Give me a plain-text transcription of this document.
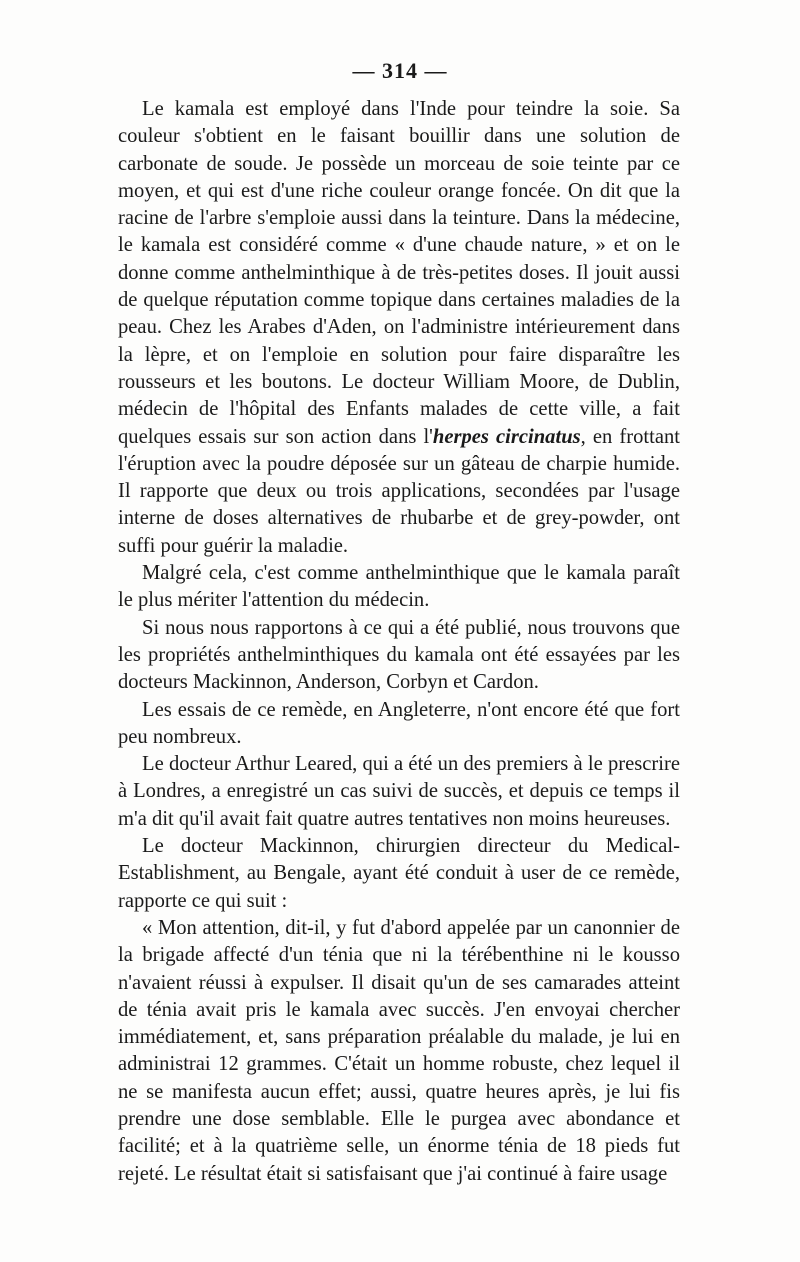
— 314 —

Le kamala est employé dans l'Inde pour teindre la soie. Sa couleur s'obtient en le faisant bouillir dans une solution de carbonate de soude. Je possède un morceau de soie teinte par ce moyen, et qui est d'une riche couleur orange foncée. On dit que la racine de l'arbre s'emploie aussi dans la teinture. Dans la médecine, le kamala est considéré comme « d'une chaude nature, » et on le donne comme anthelminthique à de très-petites doses. Il jouit aussi de quelque réputation comme topique dans certaines maladies de la peau. Chez les Arabes d'Aden, on l'administre intérieurement dans la lèpre, et on l'emploie en solution pour faire disparaître les rousseurs et les boutons. Le docteur William Moore, de Dublin, médecin de l'hôpital des Enfants malades de cette ville, a fait quelques essais sur son action dans l'herpes circinatus, en frottant l'éruption avec la poudre déposée sur un gâteau de charpie humide. Il rapporte que deux ou trois applications, secondées par l'usage interne de doses alternatives de rhubarbe et de grey-powder, ont suffi pour guérir la maladie.

Malgré cela, c'est comme anthelminthique que le kamala paraît le plus mériter l'attention du médecin.

Si nous nous rapportons à ce qui a été publié, nous trouvons que les propriétés anthelminthiques du kamala ont été essayées par les docteurs Mackinnon, Anderson, Corbyn et Cardon.

Les essais de ce remède, en Angleterre, n'ont encore été que fort peu nombreux.

Le docteur Arthur Leared, qui a été un des premiers à le prescrire à Londres, a enregistré un cas suivi de succès, et depuis ce temps il m'a dit qu'il avait fait quatre autres tentatives non moins heureuses.

Le docteur Mackinnon, chirurgien directeur du Medical-Establishment, au Bengale, ayant été conduit à user de ce remède, rapporte ce qui suit :

« Mon attention, dit-il, y fut d'abord appelée par un canonnier de la brigade affecté d'un ténia que ni la térébenthine ni le kousso n'avaient réussi à expulser. Il disait qu'un de ses camarades atteint de ténia avait pris le kamala avec succès. J'en envoyai chercher immédiatement, et, sans préparation préalable du malade, je lui en administrai 12 grammes. C'était un homme robuste, chez lequel il ne se manifesta aucun effet; aussi, quatre heures après, je lui fis prendre une dose semblable. Elle le purgea avec abondance et facilité; et à la quatrième selle, un énorme ténia de 18 pieds fut rejeté. Le résultat était si satisfaisant que j'ai continué à faire usage
